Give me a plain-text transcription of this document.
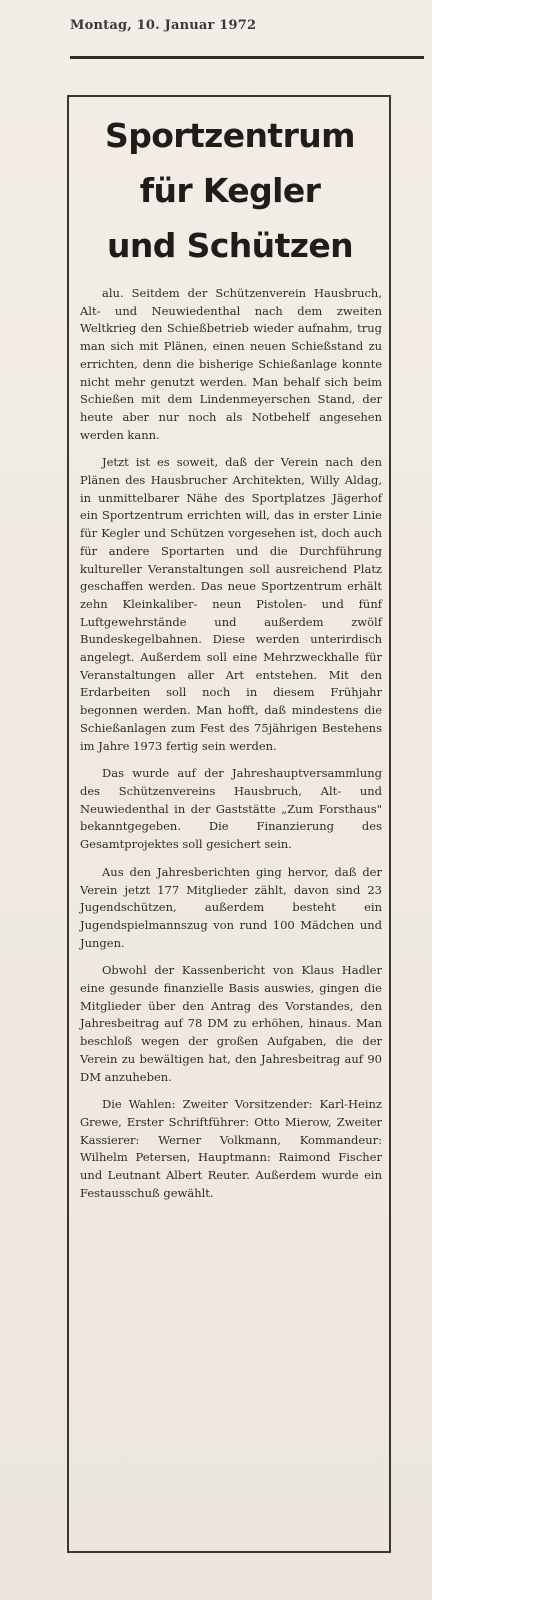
Montag, 10. Januar 1972
Sportzentrum
für Kegler
und Schützen

alu. Seitdem der Schützenverein Hausbruch, Alt- und Neuwiedenthal nach dem zweiten Weltkrieg den Schießbetrieb wieder aufnahm, trug man sich mit Plänen, einen neuen Schießstand zu errichten, denn die bisherige Schießanlage konnte nicht mehr genutzt werden. Man behalf sich beim Schießen mit dem Lindenmeyerschen Stand, der heute aber nur noch als Notbehelf angesehen werden kann.

Jetzt ist es soweit, daß der Verein nach den Plänen des Hausbrucher Architekten, Willy Aldag, in unmittelbarer Nähe des Sportplatzes Jägerhof ein Sportzentrum errichten will, das in erster Linie für Kegler und Schützen vorgesehen ist, doch auch für andere Sportarten und die Durchführung kultureller Veranstaltungen soll ausreichend Platz geschaffen werden. Das neue Sportzentrum erhält zehn Kleinkaliber- neun Pistolen- und fünf Luftgewehrstände und außerdem zwölf Bundeskegelbahnen. Diese werden unterirdisch angelegt. Außerdem soll eine Mehrzweckhalle für Veranstaltungen aller Art entstehen. Mit den Erdarbeiten soll noch in diesem Frühjahr begonnen werden. Man hofft, daß mindestens die Schießanlagen zum Fest des 75jährigen Bestehens im Jahre 1973 fertig sein werden.

Das wurde auf der Jahreshauptversammlung des Schützenvereins Hausbruch, Alt- und Neuwiedenthal in der Gaststätte „Zum Forsthaus" bekanntgegeben. Die Finanzierung des Gesamtprojektes soll gesichert sein.

Aus den Jahresberichten ging hervor, daß der Verein jetzt 177 Mitglieder zählt, davon sind 23 Jugendschützen, außerdem besteht ein Jugendspielmannszug von rund 100 Mädchen und Jungen.

Obwohl der Kassenbericht von Klaus Hadler eine gesunde finanzielle Basis auswies, gingen die Mitglieder über den Antrag des Vorstandes, den Jahresbeitrag auf 78 DM zu erhöhen, hinaus. Man beschloß wegen der großen Aufgaben, die der Verein zu bewältigen hat, den Jahresbeitrag auf 90 DM anzuheben.

Die Wahlen: Zweiter Vorsitzender: Karl-Heinz Grewe, Erster Schriftführer: Otto Mierow, Zweiter Kassierer: Werner Volkmann, Kommandeur: Wilhelm Petersen, Hauptmann: Raimond Fischer und Leutnant Albert Reuter. Außerdem wurde ein Festausschuß gewählt.
